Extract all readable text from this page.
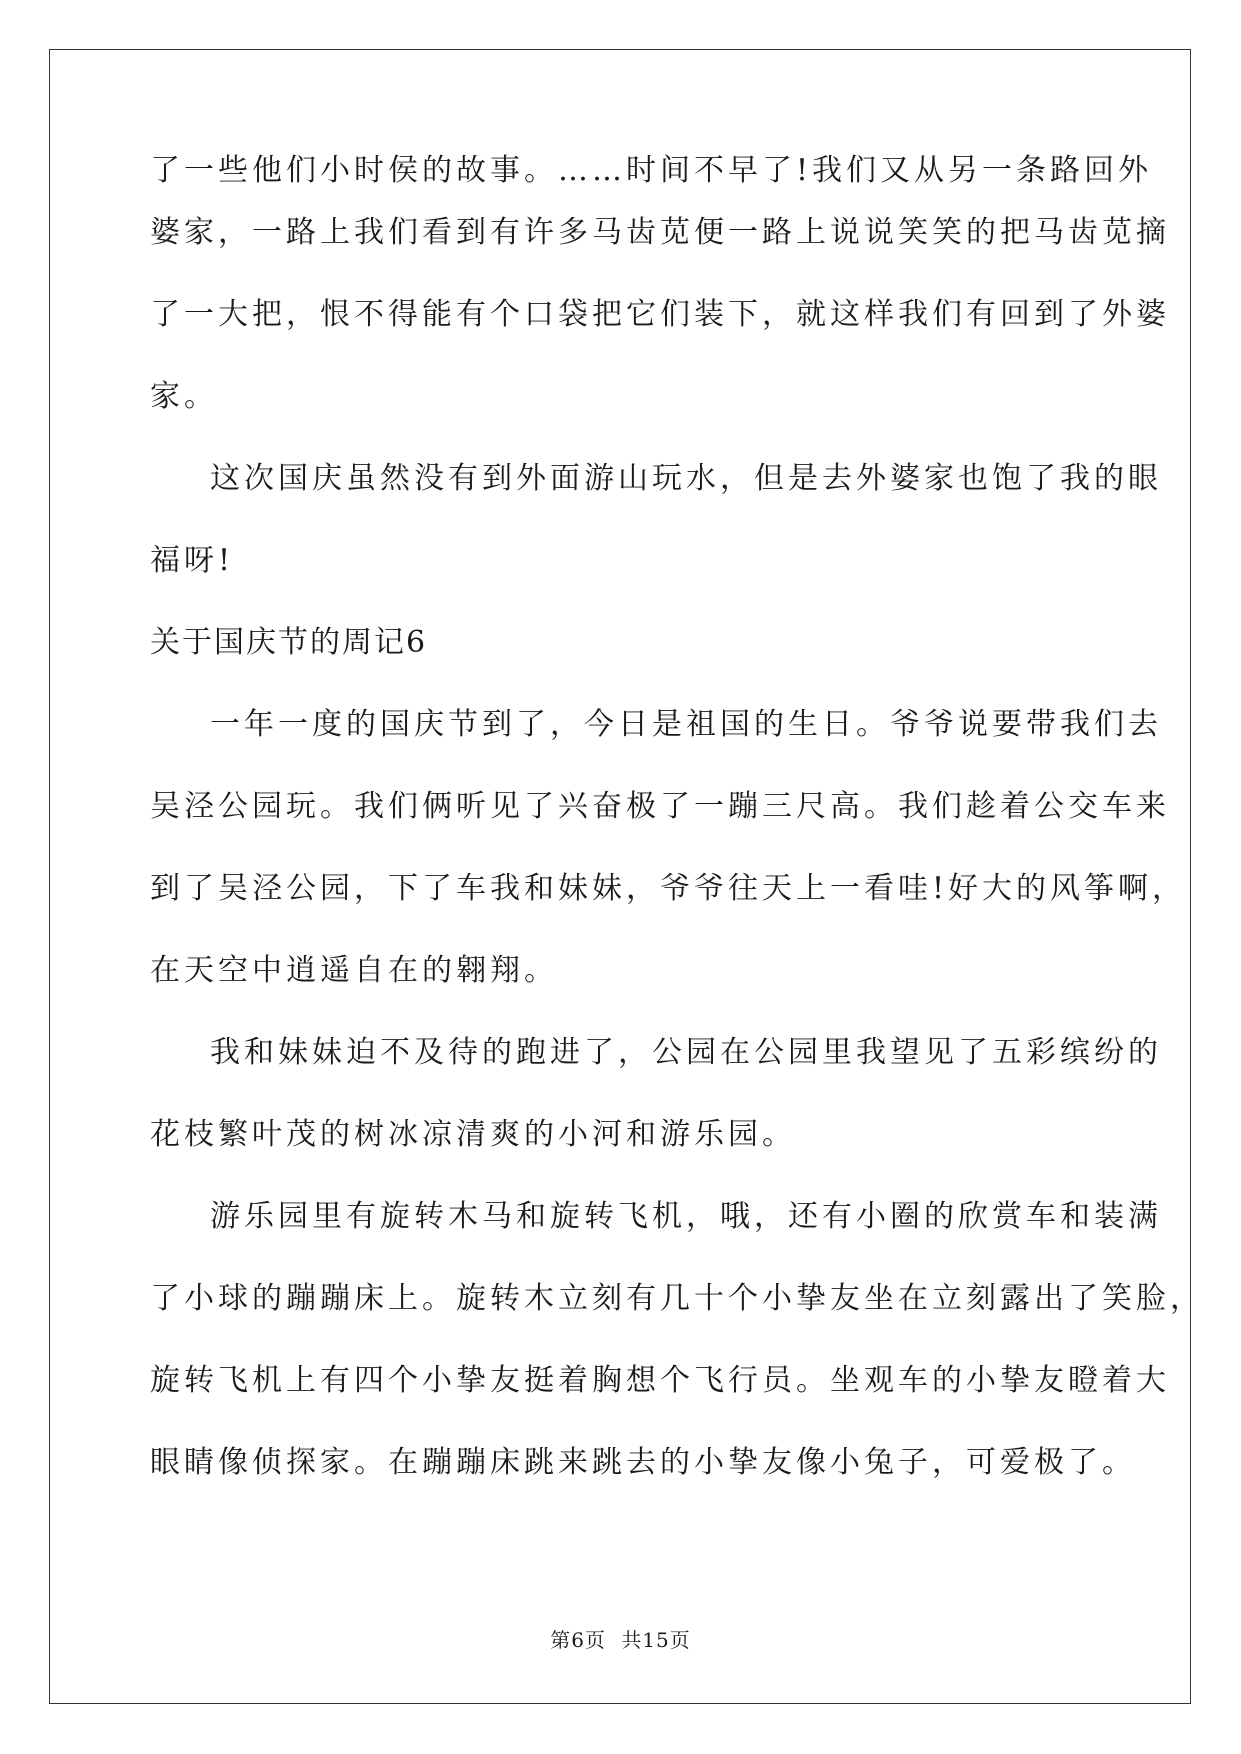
了一些他们小时侯的故事。……时间不早了!我们又从另一条路回外

婆家，一路上我们看到有许多马齿苋便一路上说说笑笑的把马齿苋摘

了一大把，恨不得能有个口袋把它们装下，就这样我们有回到了外婆

家。

这次国庆虽然没有到外面游山玩水，但是去外婆家也饱了我的眼

福呀!

关于国庆节的周记6

一年一度的国庆节到了，今日是祖国的生日。爷爷说要带我们去

吴泾公园玩。我们俩听见了兴奋极了一蹦三尺高。我们趁着公交车来

到了吴泾公园，下了车我和妹妹，爷爷往天上一看哇!好大的风筝啊，

在天空中逍遥自在的翱翔。

我和妹妹迫不及待的跑进了，公园在公园里我望见了五彩缤纷的

花枝繁叶茂的树冰凉清爽的小河和游乐园。

游乐园里有旋转木马和旋转飞机，哦，还有小圈的欣赏车和装满

了小球的蹦蹦床上。旋转木立刻有几十个小挚友坐在立刻露出了笑脸，

旋转飞机上有四个小挚友挺着胸想个飞行员。坐观车的小挚友瞪着大

眼睛像侦探家。在蹦蹦床跳来跳去的小挚友像小兔子，可爱极了。

第6页 共15页
